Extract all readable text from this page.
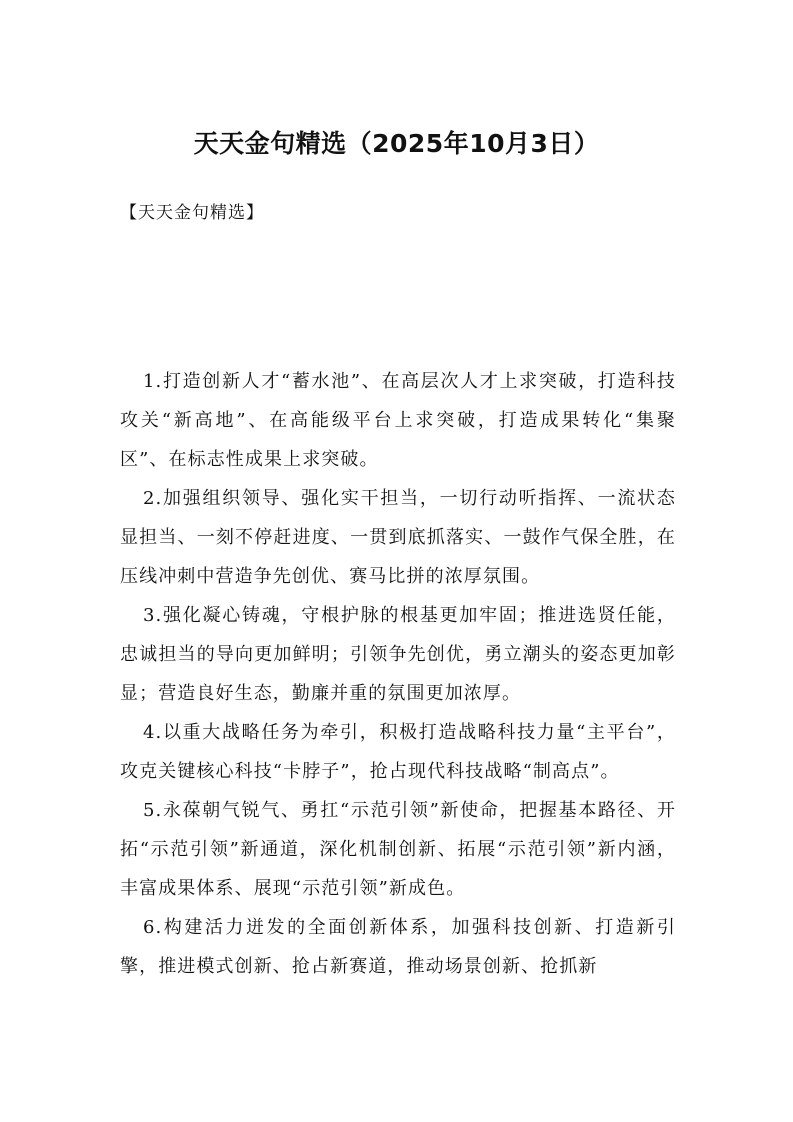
天天金句精选（2025年10月3日）
【天天金句精选】

1.打造创新人才“蓄水池”、在高层次人才上求突破，打造科技攻关“新高地”、在高能级平台上求突破，打造成果转化“集聚区”、在标志性成果上求突破。

2.加强组织领导、强化实干担当，一切行动听指挥、一流状态显担当、一刻不停赶进度、一贯到底抓落实、一鼓作气保全胜，在压线冲刺中营造争先创优、赛马比拼的浓厚氛围。

3.强化凝心铸魂，守根护脉的根基更加牢固；推进选贤任能，忠诚担当的导向更加鲜明；引领争先创优，勇立潮头的姿态更加彰显；营造良好生态，勤廉并重的氛围更加浓厚。

4.以重大战略任务为牵引，积极打造战略科技力量“主平台”，攻克关键核心科技“卡脖子”，抢占现代科技战略“制高点”。

5.永葆朝气锐气、勇扛“示范引领”新使命，把握基本路径、开拓“示范引领”新通道，深化机制创新、拓展“示范引领”新内涵，丰富成果体系、展现“示范引领”新成色。

6.构建活力迸发的全面创新体系，加强科技创新、打造新引擎，推进模式创新、抢占新赛道，推动场景创新、抢抓新
